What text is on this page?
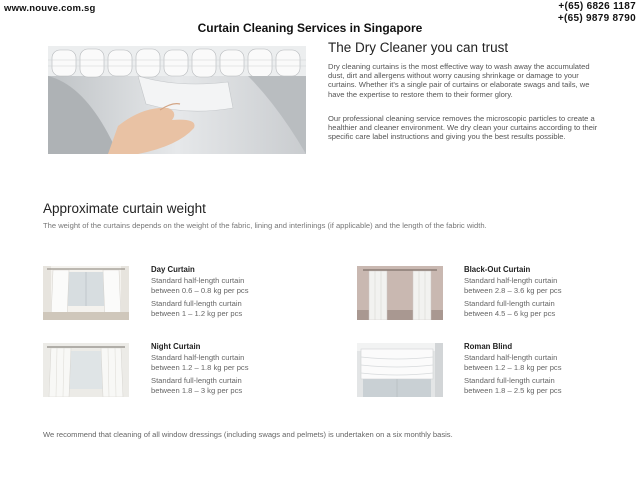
www.nouve.com.sg	+(65) 6826 1187
+(65) 9879 8790
Curtain Cleaning Services in Singapore
The Dry Cleaner you can trust

Dry cleaning curtains is the most effective way to wash away the accumulated dust, dirt and allergens without worry causing shrinkage or damage to your curtains. Whether it's a single pair of curtains or elaborate swags and tails, we have the expertise to restore them to their former glory.

Our professional cleaning service removes the microscopic particles to create a healthier and cleaner environment. We dry clean your curtains according to their specific care label instructions and giving you the best results possible.

Approximate curtain weight

The weight of the curtains depends on the weight of the fabric, lining and interlinings (if applicable) and the length of the fabric width.

Day Curtain
Standard half-length curtain
between 0.6 – 0.8 kg per pcs
Standard full-length curtain
between 1 – 1.2 kg per pcs
Black-Out Curtain
Standard half-length curtain
between 2.8 – 3.6 kg per pcs
Standard full-length curtain
between 4.5 – 6 kg per pcs
Night Curtain
Standard half-length curtain
between 1.2 – 1.8 kg per pcs
Standard full-length curtain
between 1.8 – 3 kg per pcs
Roman Blind
Standard half-length curtain
between 1.2 – 1.8 kg per pcs
Standard full-length curtain
between 1.8 – 2.5 kg per pcs

We recommend that cleaning of all window dressings (including swags and pelmets) is undertaken on a six monthly basis.
